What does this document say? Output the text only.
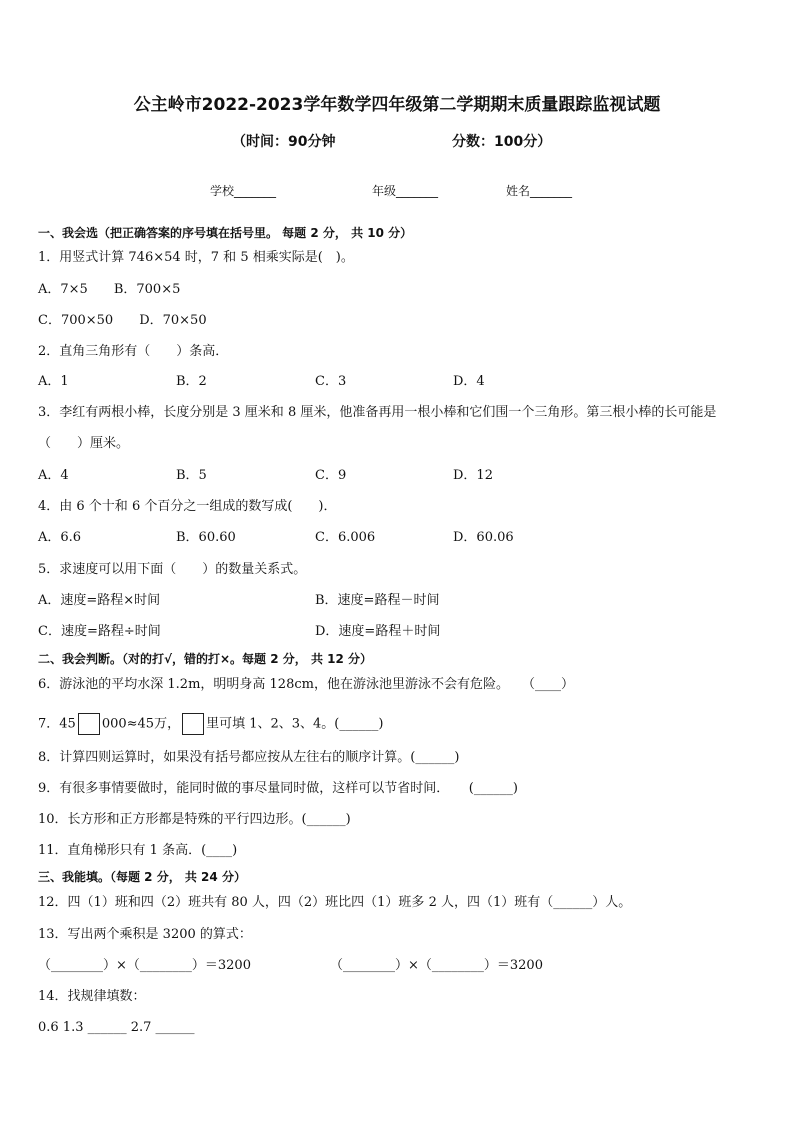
公主岭市2022-2023学年数学四年级第二学期期末质量跟踪监视试题
（时间：90分钟	分数：100分）
学校_______	年级_______	姓名_______
一、我会选（把正确答案的序号填在括号里。 每题 2 分， 共 10 分）
1．用竖式计算 746×54 时，7 和 5 相乘实际是(　)。
A．7×5　　B．700×5
C．700×50　　D．70×50
2．直角三角形有（　　）条高．
A．1	B．2	C．3	D．4
3．李红有两根小棒，长度分别是 3 厘米和 8 厘米，他准备再用一根小棒和它们围一个三角形。第三根小棒的长可能是
（　　）厘米。
A．4	B．5	C．9	D．12
4．由 6 个十和 6 个百分之一组成的数写成(　　)．
A．6.6	B．60.60	C．6.006	D．60.06
5．求速度可以用下面（　　）的数量关系式。
A．速度=路程×时间	B．速度=路程－时间
C．速度=路程÷时间	D．速度=路程＋时间
二、我会判断。（对的打√，错的打×。每题 2 分， 共 12 分）
6．游泳池的平均水深 1.2m，明明身高 128cm，他在游泳池里游泳不会有危险。　　（____）
7．45 000≈45万， 里可填 1、2、3、4。(______)
8．计算四则运算时，如果没有括号都应按从左往右的顺序计算。(______)
9．有很多事情要做时，能同时做的事尽量同时做，这样可以节省时间．　　(______)
10．长方形和正方形都是特殊的平行四边形。(______)
11．直角梯形只有 1 条高．(____)
三、我能填。（每题 2 分， 共 24 分）
12．四（1）班和四（2）班共有 80 人，四（2）班比四（1）班多 2 人，四（1）班有（______）人。
13．写出两个乘积是 3200 的算式：
（________）×（________）＝3200	（________）×（________）＝3200
14．找规律填数：
0.6 1.3 ______ 2.7 ______
